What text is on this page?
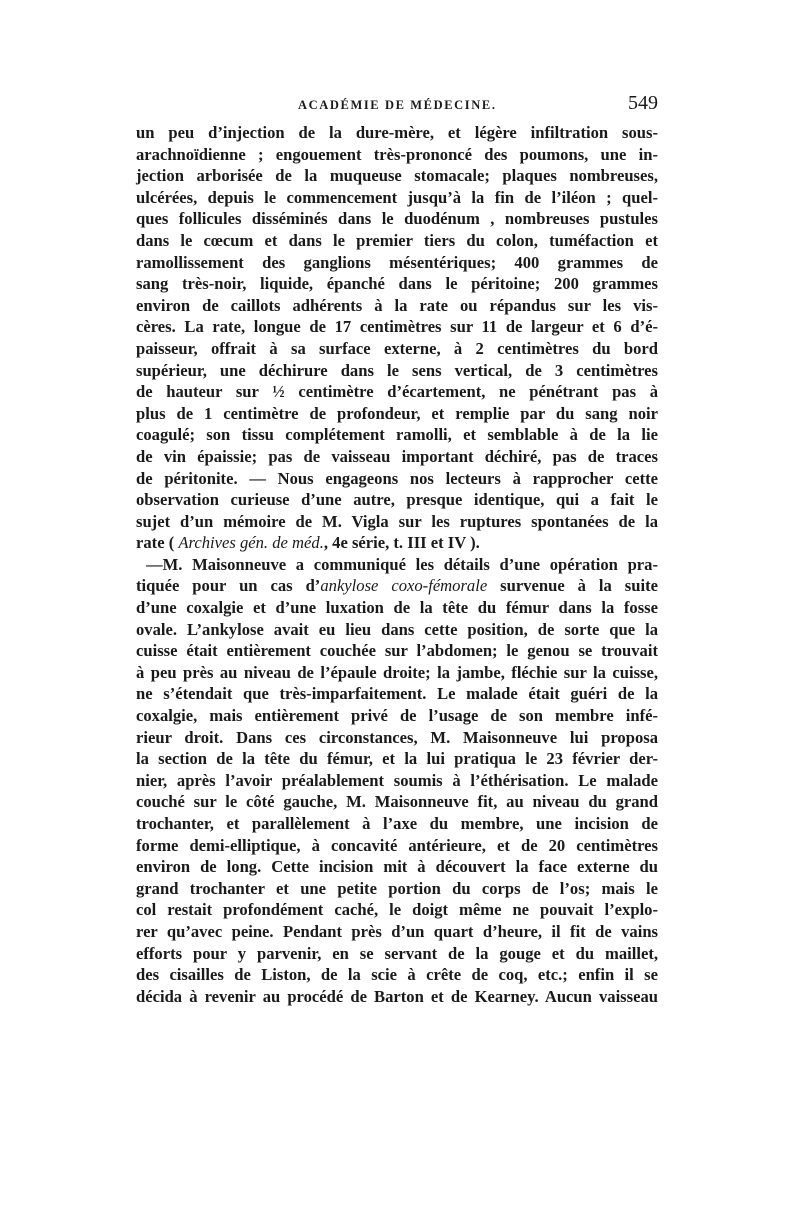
ACADÉMIE DE MÉDECINE.	549
un peu d’injection de la dure-mère, et légère infiltration sous-
arachnoïdienne ; engouement très-prononcé des poumons, une in-
jection arborisée de la muqueuse stomacale; plaques nombreuses,
ulcérées, depuis le commencement jusqu’à la fin de l’iléon ; quel-
ques follicules disséminés dans le duodénum , nombreuses pustules
dans le cœcum et dans le premier tiers du colon, tuméfaction et
ramollissement des ganglions mésentériques; 400 grammes de
sang très-noir, liquide, épanché dans le péritoine; 200 grammes
environ de caillots adhérents à la rate ou répandus sur les vis-
cères. La rate, longue de 17 centimètres sur 11 de largeur et 6 d’é-
paisseur, offrait à sa surface externe, à 2 centimètres du bord
supérieur, une déchirure dans le sens vertical, de 3 centimètres
de hauteur sur ½ centimètre d’écartement, ne pénétrant pas à
plus de 1 centimètre de profondeur, et remplie par du sang noir
coagulé; son tissu complétement ramolli, et semblable à de la lie
de vin épaissie; pas de vaisseau important déchiré, pas de traces
de péritonite. — Nous engageons nos lecteurs à rapprocher cette
observation curieuse d’une autre, presque identique, qui a fait le
sujet d’un mémoire de M. Vigla sur les ruptures spontanées de la
rate ( Archives gén. de méd., 4e série, t. III et IV ).
—M. Maisonneuve a communiqué les détails d’une opération pra-
tiquée pour un cas d’ankylose coxo-fémorale survenue à la suite
d’une coxalgie et d’une luxation de la tête du fémur dans la fosse
ovale. L’ankylose avait eu lieu dans cette position, de sorte que la
cuisse était entièrement couchée sur l’abdomen; le genou se trouvait
à peu près au niveau de l’épaule droite; la jambe, fléchie sur la cuisse,
ne s’étendait que très-imparfaitement. Le malade était guéri de la
coxalgie, mais entièrement privé de l’usage de son membre infé-
rieur droit. Dans ces circonstances, M. Maisonneuve lui proposa
la section de la tête du fémur, et la lui pratiqua le 23 février der-
nier, après l’avoir préalablement soumis à l’éthérisation. Le malade
couché sur le côté gauche, M. Maisonneuve fit, au niveau du grand
trochanter, et parallèlement à l’axe du membre, une incision de
forme demi-elliptique, à concavité antérieure, et de 20 centimètres
environ de long. Cette incision mit à découvert la face externe du
grand trochanter et une petite portion du corps de l’os; mais le
col restait profondément caché, le doigt même ne pouvait l’explo-
rer qu’avec peine. Pendant près d’un quart d’heure, il fit de vains
efforts pour y parvenir, en se servant de la gouge et du maillet,
des cisailles de Liston, de la scie à crête de coq, etc.; enfin il se
décida à revenir au procédé de Barton et de Kearney. Aucun vaisseau
